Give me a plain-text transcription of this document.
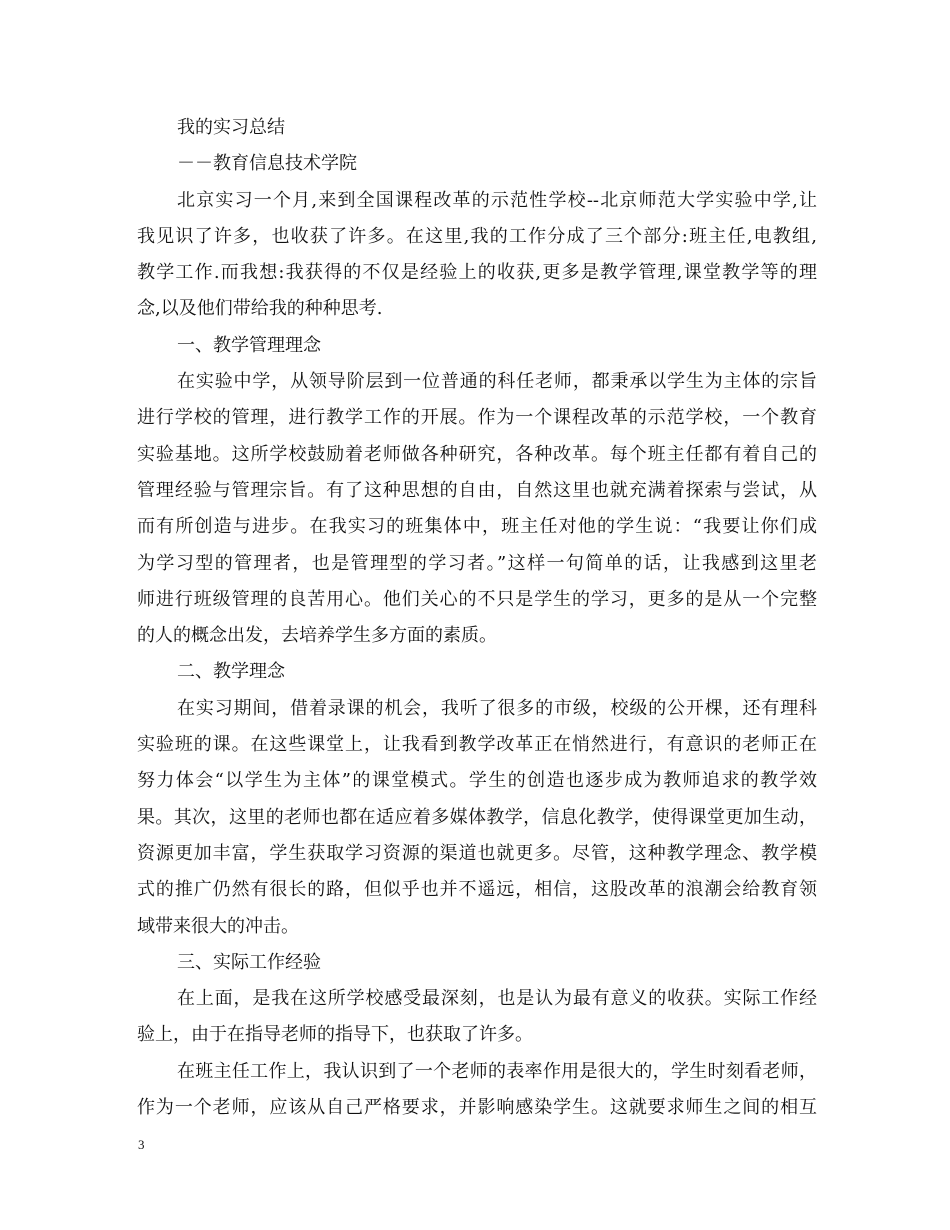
我的实习总结
－－教育信息技术学院
北京实习一个月,来到全国课程改革的示范性学校--北京师范大学实验中学,让
我见识了许多，也收获了许多。在这里,我的工作分成了三个部分:班主任,电教组,
教学工作.而我想:我获得的不仅是经验上的收获,更多是教学管理,课堂教学等的理
念,以及他们带给我的种种思考.
一、教学管理理念
在实验中学，从领导阶层到一位普通的科任老师，都秉承以学生为主体的宗旨
进行学校的管理，进行教学工作的开展。作为一个课程改革的示范学校，一个教育
实验基地。这所学校鼓励着老师做各种研究，各种改革。每个班主任都有着自己的
管理经验与管理宗旨。有了这种思想的自由，自然这里也就充满着探索与尝试，从
而有所创造与进步。在我实习的班集体中，班主任对他的学生说：“我要让你们成
为学习型的管理者，也是管理型的学习者。”这样一句简单的话，让我感到这里老
师进行班级管理的良苦用心。他们关心的不只是学生的学习，更多的是从一个完整
的人的概念出发，去培养学生多方面的素质。
二、教学理念
在实习期间，借着录课的机会，我听了很多的市级，校级的公开棵，还有理科
实验班的课。在这些课堂上，让我看到教学改革正在悄然进行，有意识的老师正在
努力体会“以学生为主体”的课堂模式。学生的创造也逐步成为教师追求的教学效
果。其次，这里的老师也都在适应着多媒体教学，信息化教学，使得课堂更加生动，
资源更加丰富，学生获取学习资源的渠道也就更多。尽管，这种教学理念、教学模
式的推广仍然有很长的路，但似乎也并不遥远，相信，这股改革的浪潮会给教育领
域带来很大的冲击。
三、实际工作经验
在上面，是我在这所学校感受最深刻，也是认为最有意义的收获。实际工作经
验上，由于在指导老师的指导下，也获取了许多。
在班主任工作上，我认识到了一个老师的表率作用是很大的，学生时刻看老师，
作为一个老师，应该从自己严格要求，并影响感染学生。这就要求师生之间的相互
3
